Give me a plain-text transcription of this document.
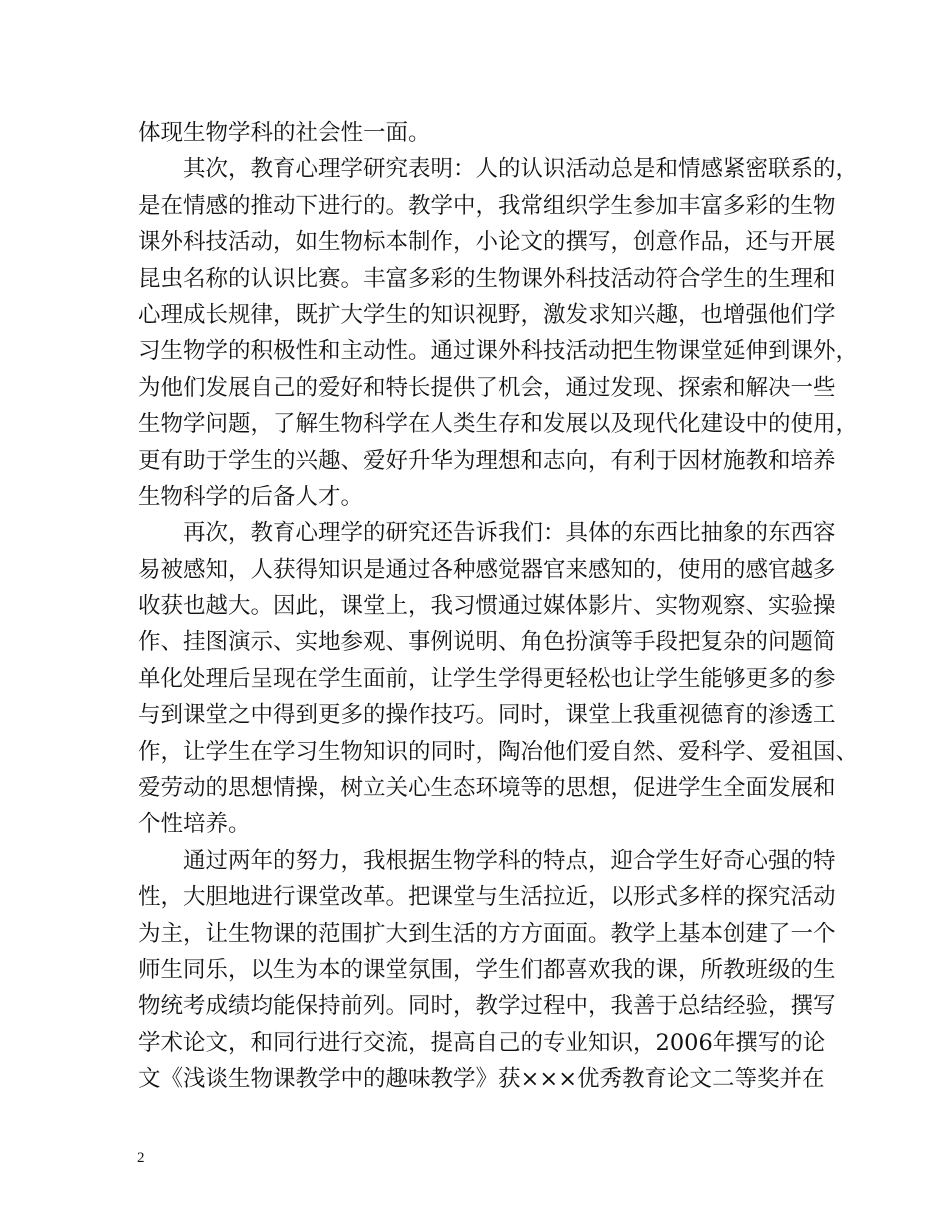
体现生物学科的社会性一面。
其次，教育心理学研究表明：人的认识活动总是和情感紧密联系的，
是在情感的推动下进行的。教学中，我常组织学生参加丰富多彩的生物
课外科技活动，如生物标本制作，小论文的撰写，创意作品，还与开展
昆虫名称的认识比赛。丰富多彩的生物课外科技活动符合学生的生理和
心理成长规律，既扩大学生的知识视野，激发求知兴趣，也增强他们学
习生物学的积极性和主动性。通过课外科技活动把生物课堂延伸到课外，
为他们发展自己的爱好和特长提供了机会，通过发现、探索和解决一些
生物学问题，了解生物科学在人类生存和发展以及现代化建设中的使用，
更有助于学生的兴趣、爱好升华为理想和志向，有利于因材施教和培养
生物科学的后备人才。
再次，教育心理学的研究还告诉我们：具体的东西比抽象的东西容
易被感知，人获得知识是通过各种感觉器官来感知的，使用的感官越多
收获也越大。因此，课堂上，我习惯通过媒体影片、实物观察、实验操
作、挂图演示、实地参观、事例说明、角色扮演等手段把复杂的问题简
单化处理后呈现在学生面前，让学生学得更轻松也让学生能够更多的参
与到课堂之中得到更多的操作技巧。同时，课堂上我重视德育的渗透工
作，让学生在学习生物知识的同时，陶冶他们爱自然、爱科学、爱祖国、
爱劳动的思想情操，树立关心生态环境等的思想，促进学生全面发展和
个性培养。
通过两年的努力，我根据生物学科的特点，迎合学生好奇心强的特
性，大胆地进行课堂改革。把课堂与生活拉近，以形式多样的探究活动
为主，让生物课的范围扩大到生活的方方面面。教学上基本创建了一个
师生同乐，以生为本的课堂氛围，学生们都喜欢我的课，所教班级的生
物统考成绩均能保持前列。同时，教学过程中，我善于总结经验，撰写
学术论文，和同行进行交流，提高自己的专业知识，2006年撰写的论
文《浅谈生物课教学中的趣味教学》获×××优秀教育论文二等奖并在
2
